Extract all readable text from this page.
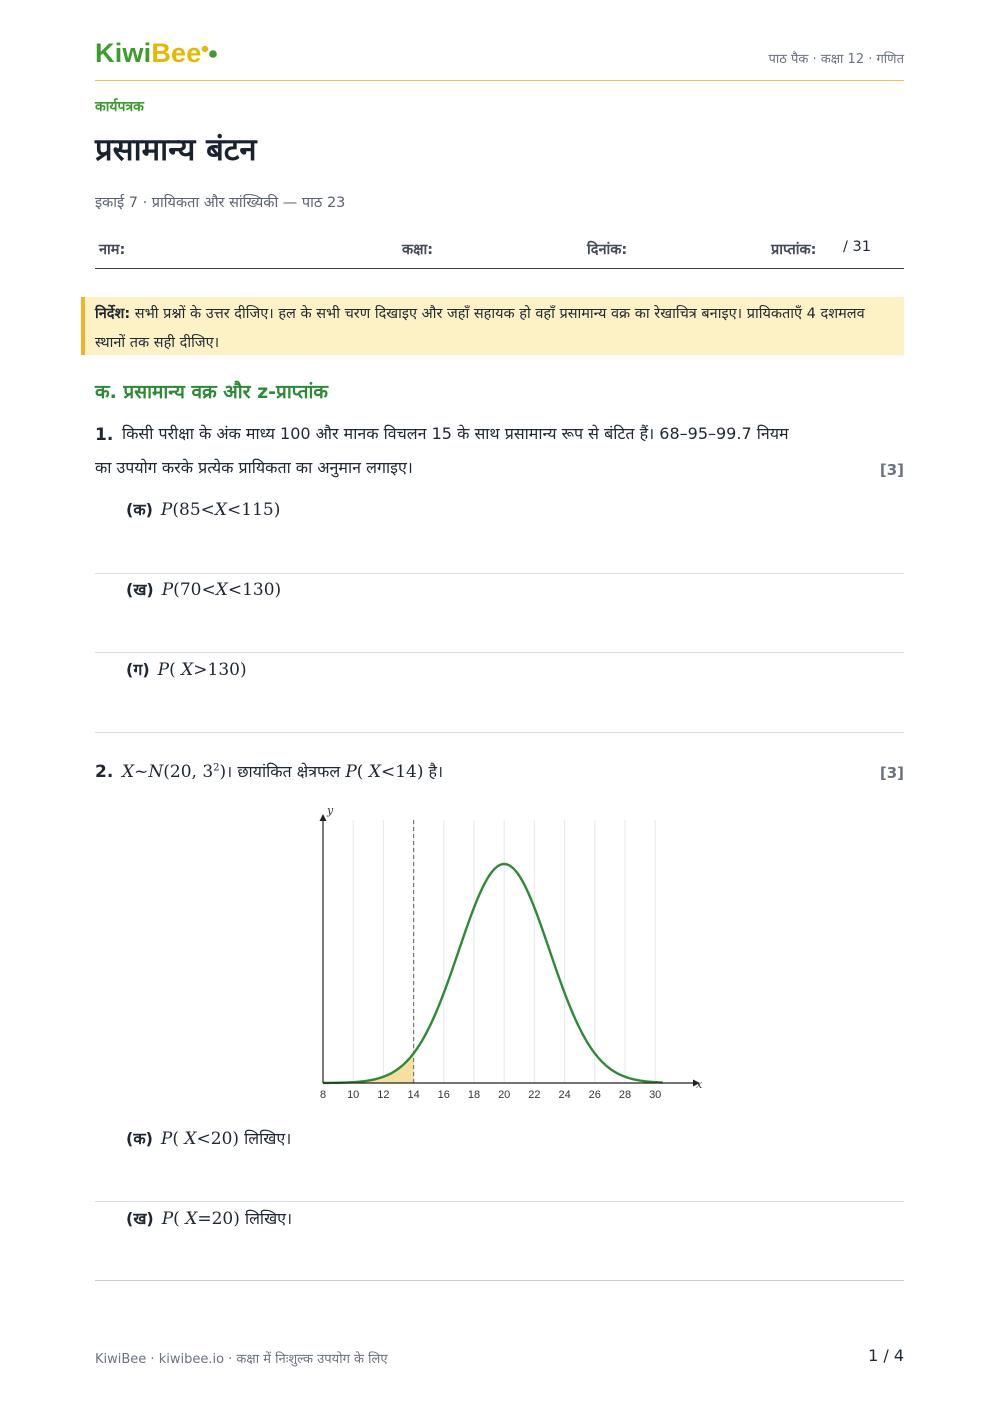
KiwiBee	पाठ पैक · कक्षा 12 · गणित
कार्यपत्रक
प्रसामान्य बंटन
इकाई 7 · प्रायिकता और सांख्यिकी — पाठ 23
नाम:	कक्षा:	दिनांक:	प्राप्तांक: / 31
निर्देश: सभी प्रश्नों के उत्तर दीजिए। हल के सभी चरण दिखाइए और जहाँ सहायक हो वहाँ प्रसामान्य वक्र का रेखाचित्र बनाइए। प्रायिकताएँ 4 दशमलव स्थानों तक सही दीजिए।
क. प्रसामान्य वक्र और z-प्राप्तांक
1. किसी परीक्षा के अंक माध्य 100 और मानक विचलन 15 के साथ प्रसामान्य रूप से बंटित हैं। 68–95–99.7 नियम
का उपयोग करके प्रत्येक प्रायिकता का अनुमान लगाइए।	[3]
(क) P(85<X<115)
(ख) P(70<X<130)
(ग) P( X>130)
2. X~N(20, $3^2)।$ छायांकित क्षेत्रफल P( X<14) है।	[3]
x
y
8 10 12 14 16 18 20 22 24 26 28 30
(क) P( X<20) लिखिए।
(ख) P( X=20) लिखिए।
KiwiBee · kiwibee.io · कक्षा में निःशुल्क उपयोग के लिए	1 / 4
